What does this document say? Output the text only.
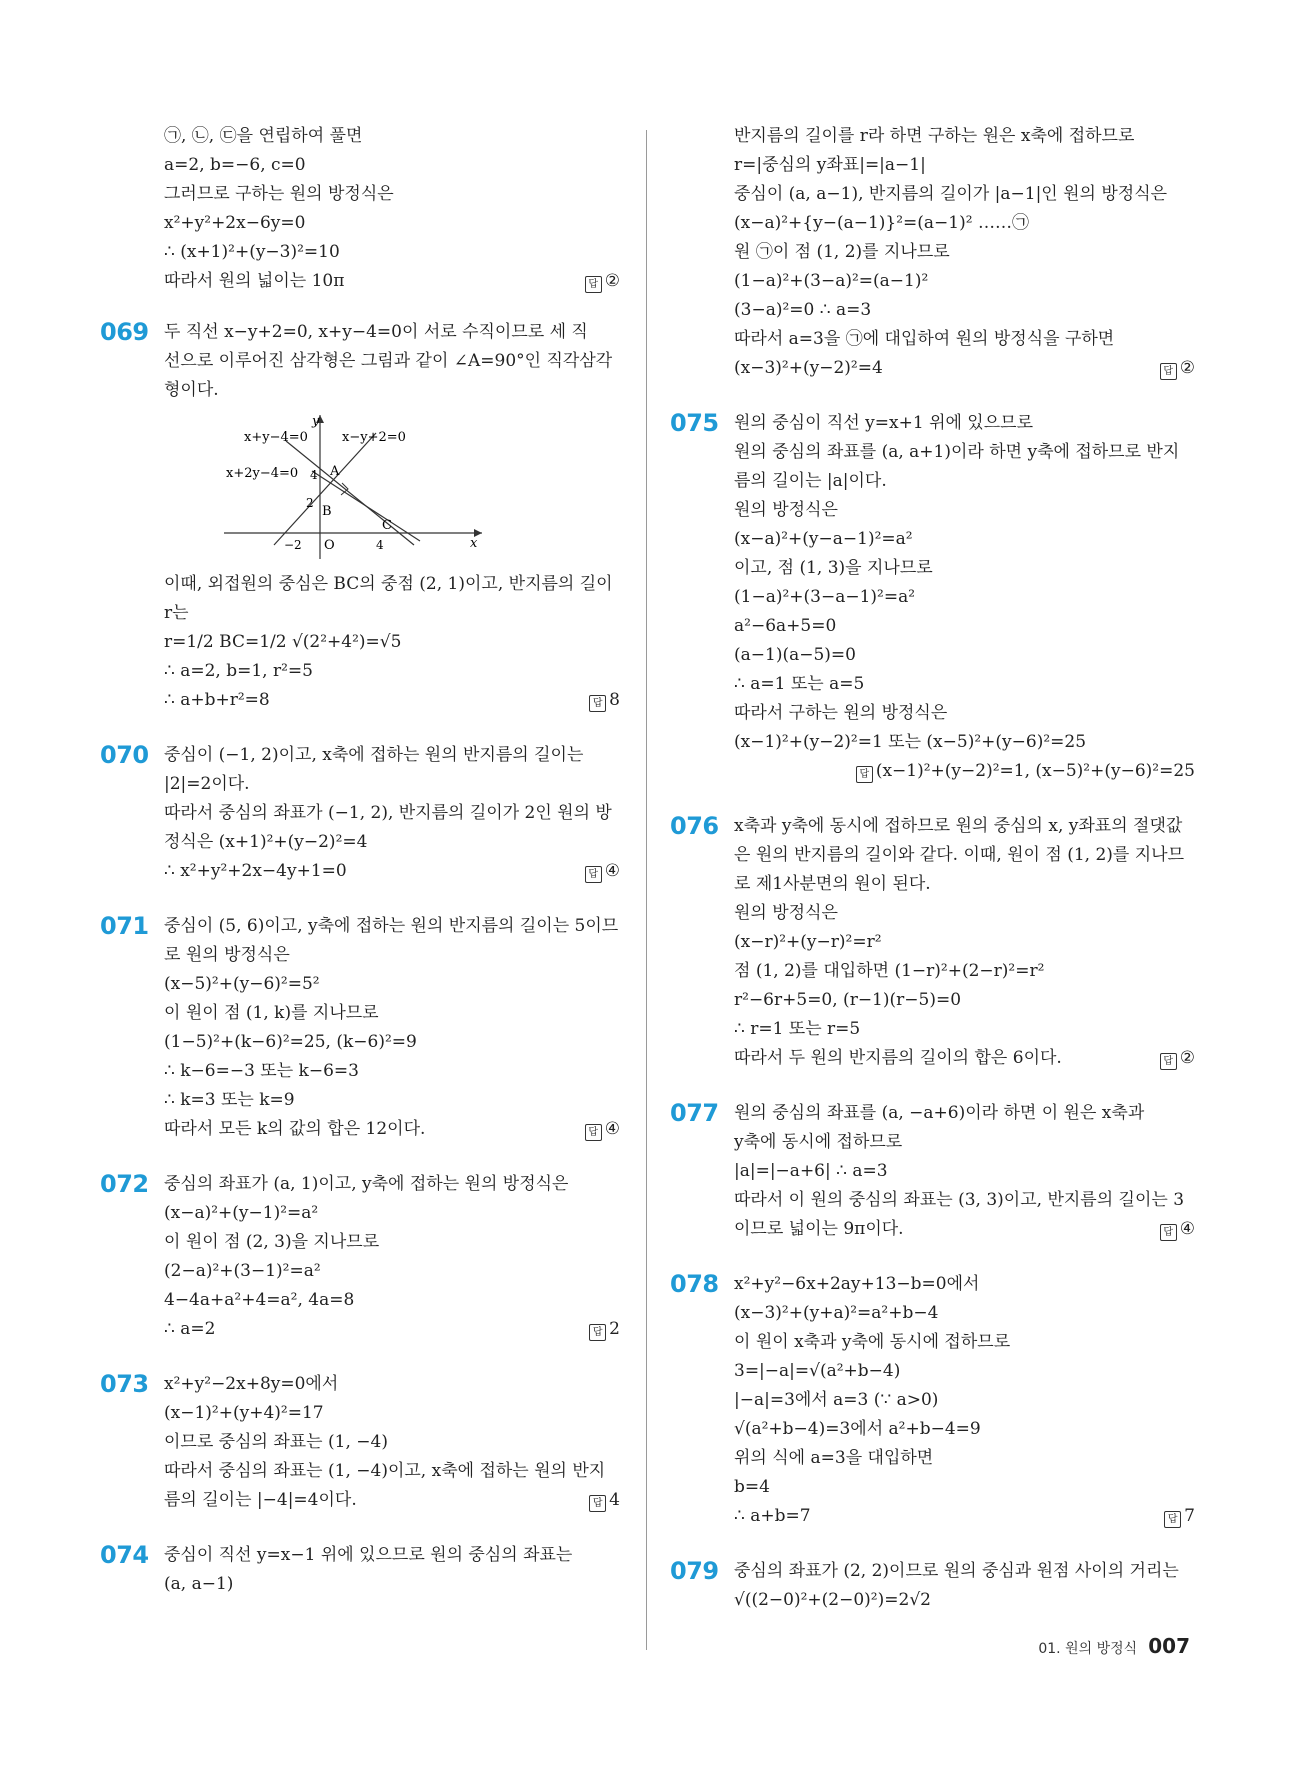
㉠, ㉡, ㉢을 연립하여 풀면
a=2, b=−6, c=0
그러므로 구하는 원의 방정식은
x²+y²+2x−6y=0
∴ (x+1)²+(y−3)²=10
따라서 원의 넓이는 10π	답 ②
069 두 직선 x−y+2=0, x+y−4=0이 서로 수직이므로 세 직
선으로 이루어진 삼각형은 그림과 같이 ∠A=90°인 직각삼각
형이다.
x+y−4=0	x−y+2=0
x+2y−4=0
y
x
O
4
2
−2	4
A
B
C
이때, 외접원의 중심은 BC의 중점 (2, 1)이고, 반지름의 길이
r는
r=1/2 BC=1/2 √(2²+4²)=√5
∴ a=2, b=1, r²=5
∴ a+b+r²=8	답 8
070 중심이 (−1, 2)이고, x축에 접하는 원의 반지름의 길이는
|2|=2이다.
따라서 중심의 좌표가 (−1, 2), 반지름의 길이가 2인 원의 방
정식은 (x+1)²+(y−2)²=4
∴ x²+y²+2x−4y+1=0	답 ④
071 중심이 (5, 6)이고, y축에 접하는 원의 반지름의 길이는 5이므
로 원의 방정식은
(x−5)²+(y−6)²=5²
이 원이 점 (1, k)를 지나므로
(1−5)²+(k−6)²=25, (k−6)²=9
∴ k−6=−3 또는 k−6=3
∴ k=3 또는 k=9
따라서 모든 k의 값의 합은 12이다.	답 ④
072 중심의 좌표가 (a, 1)이고, y축에 접하는 원의 방정식은
(x−a)²+(y−1)²=a²
이 원이 점 (2, 3)을 지나므로
(2−a)²+(3−1)²=a²
4−4a+a²+4=a², 4a=8
∴ a=2	답 2
073 x²+y²−2x+8y=0에서
(x−1)²+(y+4)²=17
이므로 중심의 좌표는 (1, −4)
따라서 중심의 좌표는 (1, −4)이고, x축에 접하는 원의 반지
름의 길이는 |−4|=4이다.	답 4
074 중심이 직선 y=x−1 위에 있으므로 원의 중심의 좌표는
(a, a−1)
반지름의 길이를 r라 하면 구하는 원은 x축에 접하므로
r=|중심의 y좌표|=|a−1|
중심이 (a, a−1), 반지름의 길이가 |a−1|인 원의 방정식은
(x−a)²+{y−(a−1)}²=(a−1)² ……㉠
원 ㉠이 점 (1, 2)를 지나므로
(1−a)²+(3−a)²=(a−1)²
(3−a)²=0 ∴ a=3
따라서 a=3을 ㉠에 대입하여 원의 방정식을 구하면
(x−3)²+(y−2)²=4	답 ②
075 원의 중심이 직선 y=x+1 위에 있으므로
원의 중심의 좌표를 (a, a+1)이라 하면 y축에 접하므로 반지
름의 길이는 |a|이다.
원의 방정식은
(x−a)²+(y−a−1)²=a²
이고, 점 (1, 3)을 지나므로
(1−a)²+(3−a−1)²=a²
a²−6a+5=0
(a−1)(a−5)=0
∴ a=1 또는 a=5
따라서 구하는 원의 방정식은
(x−1)²+(y−2)²=1 또는 (x−5)²+(y−6)²=25
답 (x−1)²+(y−2)²=1, (x−5)²+(y−6)²=25
076 x축과 y축에 동시에 접하므로 원의 중심의 x, y좌표의 절댓값
은 원의 반지름의 길이와 같다. 이때, 원이 점 (1, 2)를 지나므
로 제1사분면의 원이 된다.
원의 방정식은
(x−r)²+(y−r)²=r²
점 (1, 2)를 대입하면 (1−r)²+(2−r)²=r²
r²−6r+5=0, (r−1)(r−5)=0
∴ r=1 또는 r=5
따라서 두 원의 반지름의 길이의 합은 6이다.	답 ②
077 원의 중심의 좌표를 (a, −a+6)이라 하면 이 원은 x축과
y축에 동시에 접하므로
|a|=|−a+6| ∴ a=3
따라서 이 원의 중심의 좌표는 (3, 3)이고, 반지름의 길이는 3
이므로 넓이는 9π이다.	답 ④
078 x²+y²−6x+2ay+13−b=0에서
(x−3)²+(y+a)²=a²+b−4
이 원이 x축과 y축에 동시에 접하므로
3=|−a|=√(a²+b−4)
|−a|=3에서 a=3 (∵ a>0)
√(a²+b−4)=3에서 a²+b−4=9
위의 식에 a=3을 대입하면
b=4
∴ a+b=7	답 7
079 중심의 좌표가 (2, 2)이므로 원의 중심과 원점 사이의 거리는
√((2−0)²+(2−0)²)=2√2
01. 원의 방정식 007
